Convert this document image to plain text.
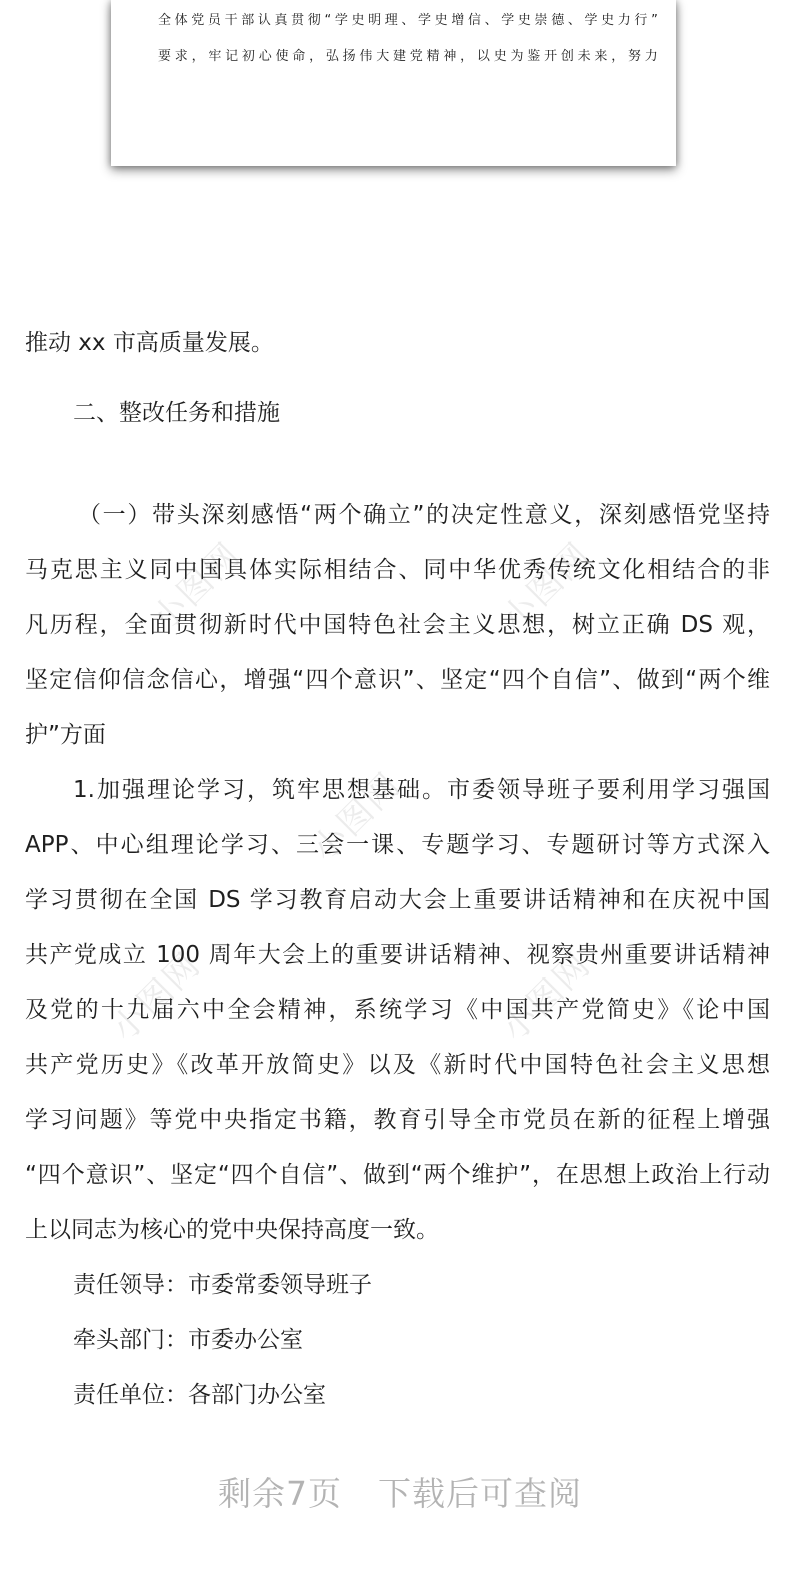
全体党员干部认真贯彻“学史明理、学史增信、学史崇德、学史力行”
要求，牢记初心使命，弘扬伟大建党精神，以史为鉴开创未来，努力
小图网	小图网
小图网
小图网	小图网
推动 xx 市高质量发展。
二、整改任务和措施
（一）带头深刻感悟“两个确立”的决定性意义，深刻感悟党坚持
马克思主义同中国具体实际相结合、同中华优秀传统文化相结合的非
凡历程，全面贯彻新时代中国特色社会主义思想，树立正确 DS 观，
坚定信仰信念信心，增强“四个意识”、坚定“四个自信”、做到“两个维
护”方面
1.加强理论学习，筑牢思想基础。市委领导班子要利用学习强国
APP、中心组理论学习、三会一课、专题学习、专题研讨等方式深入
学习贯彻在全国 DS 学习教育启动大会上重要讲话精神和在庆祝中国
共产党成立 100 周年大会上的重要讲话精神、视察贵州重要讲话精神
及党的十九届六中全会精神，系统学习《中国共产党简史》《论中国
共产党历史》《改革开放简史》以及《新时代中国特色社会主义思想
学习问题》等党中央指定书籍，教育引导全市党员在新的征程上增强
“四个意识”、坚定“四个自信”、做到“两个维护”，在思想上政治上行动
上以同志为核心的党中央保持高度一致。
责任领导：市委常委领导班子
牵头部门：市委办公室
责任单位：各部门办公室
剩余7页 下载后可查阅
